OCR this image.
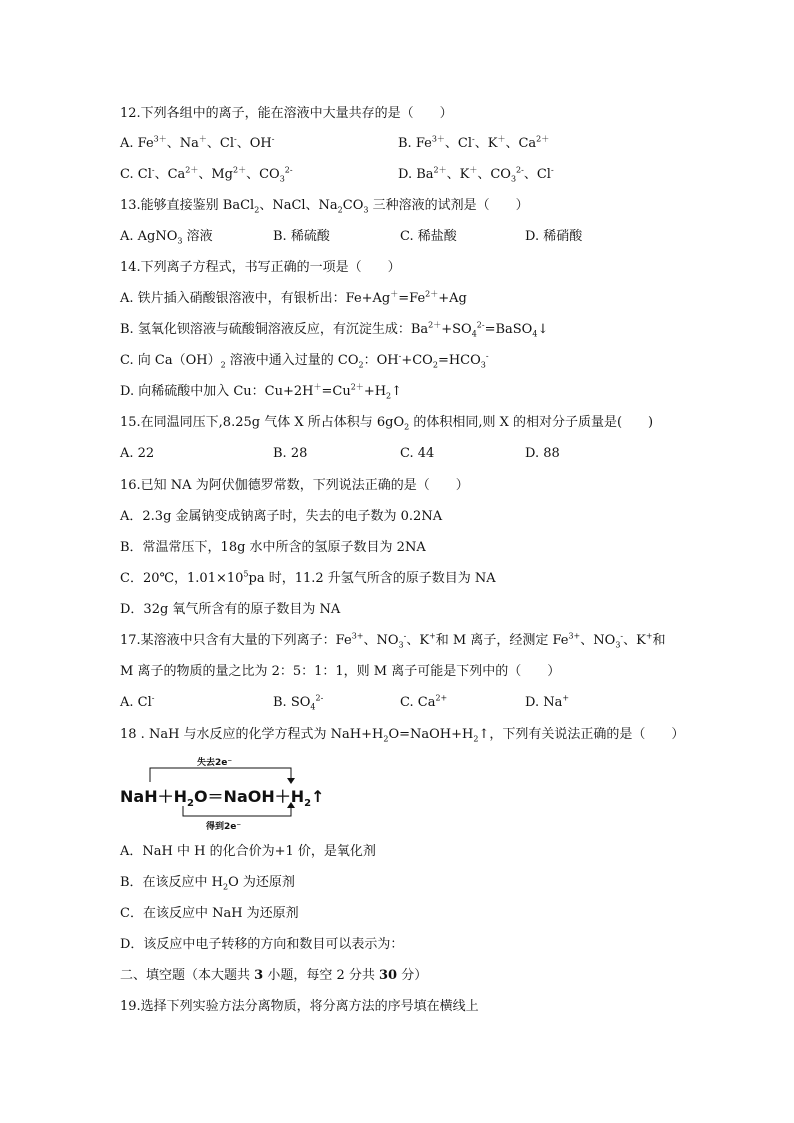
12.下列各组中的离子，能在溶液中大量共存的是（　　）
A. $Fe^{3+}$、Na＋、Cl-、OH-	B. $Fe^{3+}$、Cl-、K＋、$Ca^{2+}$
C. Cl-、$Ca^{2+}$、$Mg^{2+}$、$CO_3^{2-}$	D. $Ba^{2+}$、K＋、$CO_3^{2-}$、Cl-
13.能够直接鉴别 BaCl$_2$、NaCl、$Na_2CO_3$ 三种溶液的试剂是（　　）
A. AgNO$_3$ 溶液	B. 稀硫酸	C. 稀盐酸	D. 稀硝酸
14.下列离子方程式，书写正确的一项是（　　）
A. 铁片插入硝酸银溶液中，有银析出：$Fe+Ag^+=Fe^{2+}+Ag$
B. 氢氧化钡溶液与硫酸铜溶液反应，有沉淀生成：$Ba^{2+}+SO_4^{2-}=BaSO_4↓$
C. 向 $Ca(OH)_2$ 溶液中通入过量的 $CO_2$：$OH^-+CO_2=HCO_3^-$
D. 向稀硫酸中加入 Cu：$Cu+2H^+=Cu^{2+}+H_2↑$
15.在同温同压下,8.25g 气体 X 所占体积与 $6gO_2$ 的体积相同,则 X 的相对分子质量是(　　)
A. 22	B. 28	C. 44	D. 88
16.已知 NA 为阿伏伽德罗常数，下列说法正确的是（　　）
A．2.3g 金属钠变成钠离子时，失去的电子数为 0.2NA
B．常温常压下，18g 水中所含的氢原子数目为 2NA
C．20℃，$1.01\times 10^5pa$ 时，11.2 升氢气所含的原子数目为 NA
D．32g 氧气所含有的原子数目为 NA
17.某溶液中只含有大量的下列离子：$Fe^{3+}$、$NO_3^-$、K+和 M 离子，经测定 $Fe^{3+}$、$NO_3^-$、K+和
M 离子的物质的量之比为 2：5：1：1，则 M 离子可能是下列中的（　　）
A. Cl-	B. $SO_4^{2-}$	C. $Ca^{2+}$	D. Na+
18 . NaH 与水反应的化学方程式为 $NaH+H_2O=NaOH+H_2↑$，下列有关说法正确的是（　　）
失去2e⁻
$NaH+H_2O=NaOH+H_2↑$
得到2e⁻
A．NaH 中 H 的化合价为+1 价，是氧化剂
B．在该反应中 $H_2O$ 为还原剂
C．在该反应中 NaH 为还原剂
D．该反应中电子转移的方向和数目可以表示为：
二、填空题（本大题共 3 小题，每空 2 分共 30 分）
19.选择下列实验方法分离物质，将分离方法的序号填在横线上
